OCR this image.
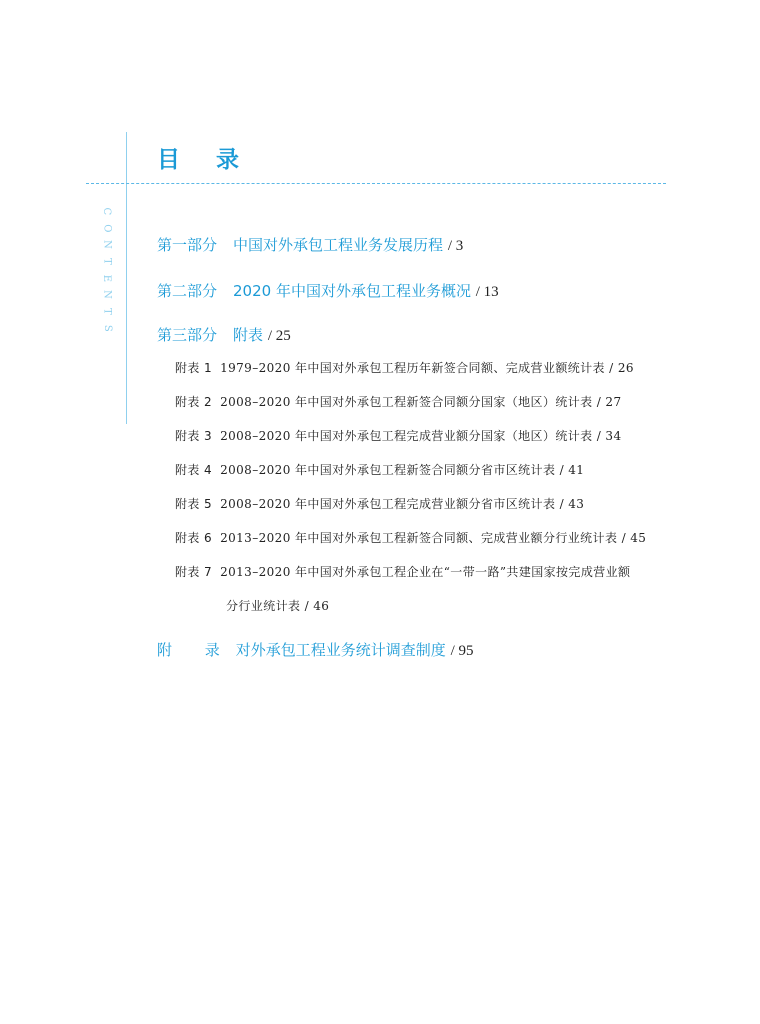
目 录
C
O
N
T
E
N
T
S
第一部分 中国对外承包工程业务发展历程 / 3
第二部分 2020 年中国对外承包工程业务概况 / 13
第三部分 附表 / 25
附表 1 1979–2020 年中国对外承包工程历年新签合同额、完成营业额统计表 / 26
附表 2 2008–2020 年中国对外承包工程新签合同额分国家（地区）统计表 / 27
附表 3 2008–2020 年中国对外承包工程完成营业额分国家（地区）统计表 / 34
附表 4 2008–2020 年中国对外承包工程新签合同额分省市区统计表 / 41
附表 5 2008–2020 年中国对外承包工程完成营业额分省市区统计表 / 43
附表 6 2013–2020 年中国对外承包工程新签合同额、完成营业额分行业统计表 / 45
附表 7 2013–2020 年中国对外承包工程企业在“一带一路”共建国家按完成营业额
分行业统计表 / 46
附 录 对外承包工程业务统计调查制度 / 95
